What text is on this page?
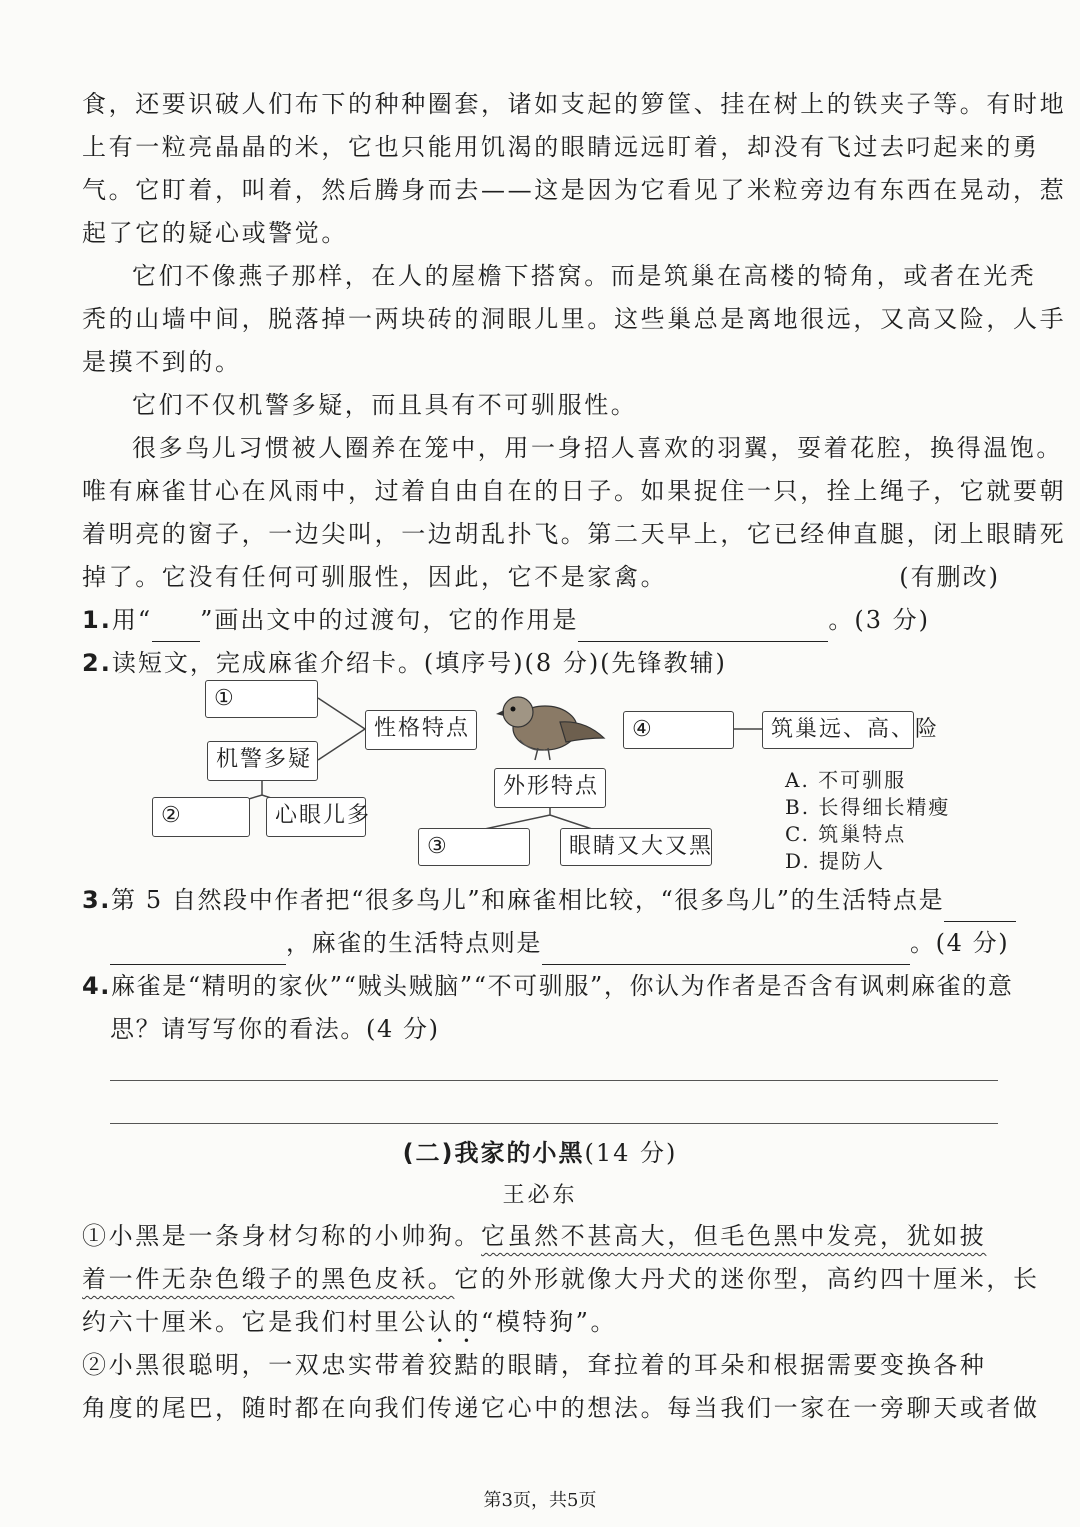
食，还要识破人们布下的种种圈套，诸如支起的箩筐、挂在树上的铁夹子等。有时地
上有一粒亮晶晶的米，它也只能用饥渴的眼睛远远盯着，却没有飞过去叼起来的勇
气。它盯着，叫着，然后腾身而去——这是因为它看见了米粒旁边有东西在晃动，惹
起了它的疑心或警觉。
它们不像燕子那样，在人的屋檐下搭窝。而是筑巢在高楼的犄角，或者在光秃
秃的山墙中间，脱落掉一两块砖的洞眼儿里。这些巢总是离地很远，又高又险，人手
是摸不到的。
它们不仅机警多疑，而且具有不可驯服性。
很多鸟儿习惯被人圈养在笼中，用一身招人喜欢的羽翼，耍着花腔，换得温饱。
唯有麻雀甘心在风雨中，过着自由自在的日子。如果捉住一只，拴上绳子，它就要朝
着明亮的窗子，一边尖叫，一边胡乱扑飞。第二天早上，它已经伸直腿，闭上眼睛死
掉了。它没有任何可驯服性，因此，它不是家禽。	(有删改)
1.用“ ”画出文中的过渡句，它的作用是	。(3 分)
2.读短文，完成麻雀介绍卡。(填序号)(8 分)(先锋教辅)
①
性格特点
机警多疑
②	心眼儿多
④	筑巢远、高、险
外形特点
③	眼睛又大又黑
A. 不可驯服
B. 长得细长精瘦
C. 筑巢特点
D. 提防人
3.第 5 自然段中作者把“很多鸟儿”和麻雀相比较，“很多鸟儿”的生活特点是
，麻雀的生活特点则是	。(4 分)
4.麻雀是“精明的家伙”“贼头贼脑”“不可驯服”，你认为作者是否含有讽刺麻雀的意
思？请写写你的看法。(4 分)
(二)我家的小黑(14 分)
王必东
①小黑是一条身材匀称的小帅狗。它虽然不甚高大，但毛色黑中发亮，犹如披
着一件无杂色缎子的黑色皮袄。它的外形就像大丹犬的迷你型，高约四十厘米，长
约六十厘米。它是我们村里公认的“模特狗”。
②小黑很聪明，一双忠实带着狡黠的眼睛，耷拉着的耳朵和根据需要变换各种
角度的尾巴，随时都在向我们传递它心中的想法。每当我们一家在一旁聊天或者做
第3页，共5页
